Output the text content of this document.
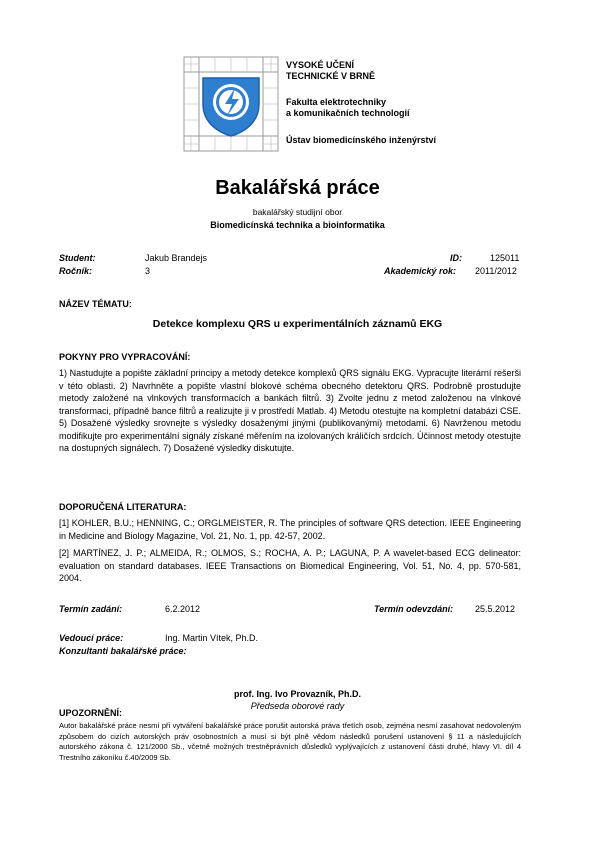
VYSOKÉ UČENÍ
TECHNICKÉ V BRNĚ
Fakulta elektrotechniky
a komunikačních technologií
Ústav biomedicínského inženýrství
Bakalářská práce
bakalářský studijní obor
Biomedicínská technika a bioinformatika
Student:	Jakub Brandejs	ID:	125011
Ročník:	3	Akademický rok: 2011/2012
NÁZEV TÉMATU:
Detekce komplexu QRS u experimentálních záznamů EKG
POKYNY PRO VYPRACOVÁNÍ:
1) Nastudujte a popište základní principy a metody detekce komplexů QRS signálu EKG. Vypracujte literární rešerši v této oblasti. 2) Navrhněte a popište vlastní blokové schéma obecného detektoru QRS. Podrobně prostudujte metody založené na vlnkových transformacích a bankách filtrů. 3) Zvolte jednu z metod založenou na vlnkové transformaci, případně bance filtrů a realizujte ji v prostředí Matlab. 4) Metodu otestujte na kompletní databázi CSE. 5) Dosažené výsledky srovnejte s výsledky dosaženými jinými (publikovanými) metodami. 6) Navrženou metodu modifikujte pro experimentální signály získané měřením na izolovaných králičích srdcích. Účinnost metody otestujte na dostupných signálech. 7) Dosažené výsledky diskutujte.
DOPORUČENÁ LITERATURA:
[1] KOHLER, B.U.; HENNING, C.; ORGLMEISTER, R. The principles of software QRS detection. IEEE Engineering in Medicine and Biology Magazine, Vol. 21, No. 1, pp. 42-57, 2002.
[2] MARTÍNEZ, J. P.; ALMEIDA, R.; OLMOS, S.; ROCHA, A. P.; LAGUNA, P. A wavelet-based ECG delineator: evaluation on standard databases. IEEE Transactions on Biomedical Engineering, Vol. 51, No. 4, pp. 570-581, 2004.
Termín zadání:	6.2.2012	Termín odevzdání: 25.5.2012
Vedoucí práce:	Ing. Martin Vítek, Ph.D.
Konzultanti bakalářské práce:
prof. Ing. Ivo Provazník, Ph.D.
Předseda oborové rady
UPOZORNĚNÍ:
Autor bakalářské práce nesmí při vytváření bakalářské práce porušit autorská práva třetích osob, zejména nesmí zasahovat nedovoleným způsobem do cizích autorských práv osobnostních a musí si být plně vědom následků porušení ustanovení § 11 a následujících autorského zákona č. 121/2000 Sb., včetně možných trestněprávních důsledků vyplývajících z ustanovení části druhé, hlavy VI. díl 4 Trestního zákoníku č.40/2009 Sb.
